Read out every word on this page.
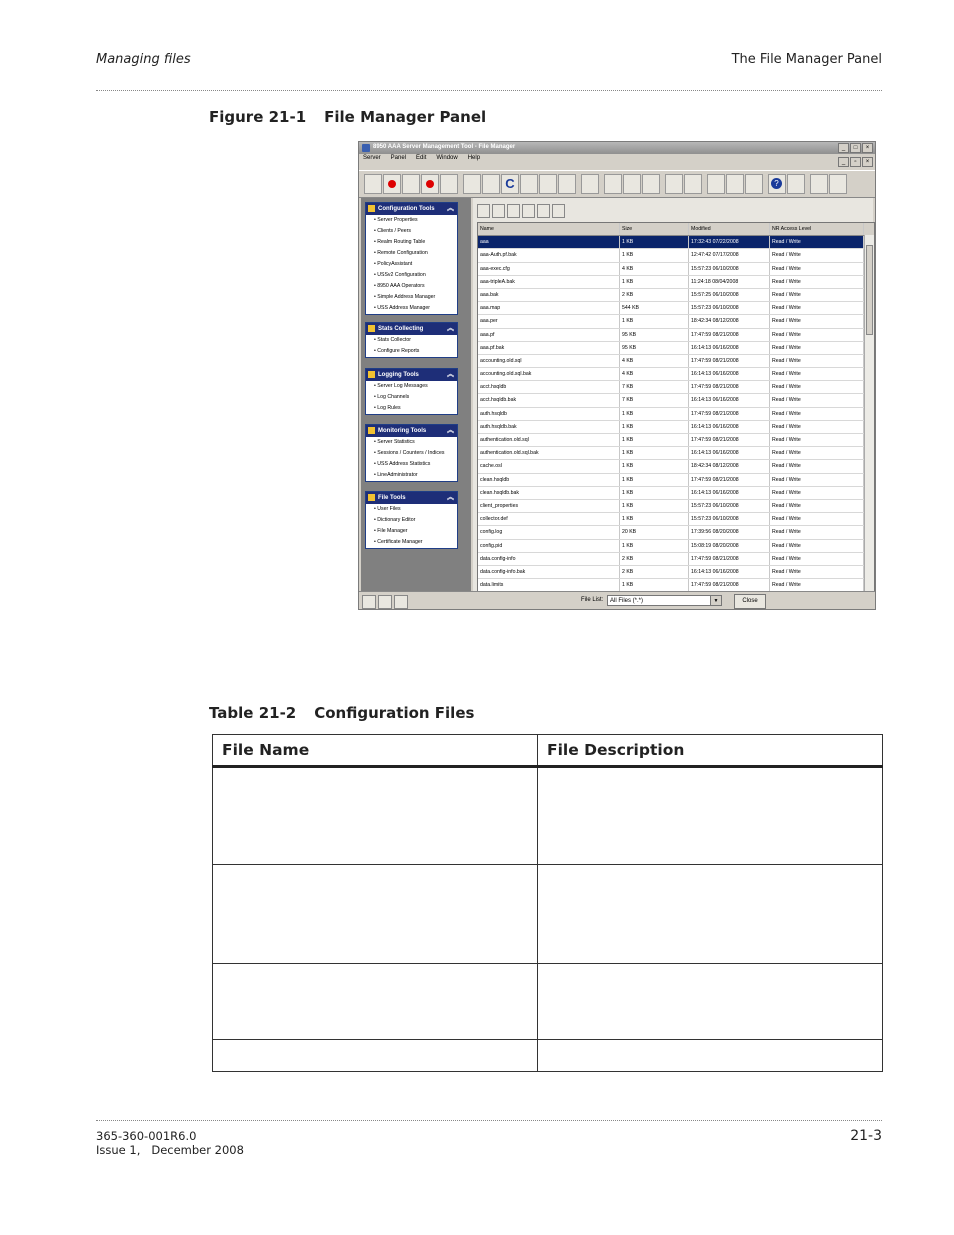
Managing files	The File Manager Panel
Figure 21-1 File Manager Panel
8950 AAA Server Management Tool - File Manager	_	□	×
Server Panel Edit Window Help
_	▫	×
C	?
Configuration Tools ︽
• Server Properties
• Clients / Peers
• Realm Routing Table
• Remote Configuration
• PolicyAssistant
• USSv2 Configuration
• 8950 AAA Operators
• Simple Address Manager
• USS Address Manager
Stats Collecting	︽
• Stats Collector
• Configure Reports
Logging Tools	︽
• Server Log Messages
• Log Channels
• Log Rules
Monitoring Tools	︽
• Server Statistics
• Sessions / Counters / Indices
• USS Address Statistics
• LineAdministrator
File Tools	︽
• User Files
• Dictionary Editor
• File Manager
• Certificate Manager
Name	Size	Modified	NR Access Level
aaa	1 KB	17:32:43 07/22/2008	Read / Write
aaa-Auth.pf.bak	1 KB	12:47:42 07/17/2008	Read / Write
aaa-exec.cfg	4 KB	15:57:23 06/10/2008	Read / Write
aaa-tripleA.bak	1 KB	11:24:18 08/04/2008	Read / Write
aaa.bak	2 KB	15:57:25 06/10/2008	Read / Write
aaa.map	544 KB	15:57:23 06/10/2008	Read / Write
aaa.per	1 KB	18:42:34 08/12/2008	Read / Write
aaa.pf	95 KB	17:47:59 08/21/2008	Read / Write
aaa.pf.bak	95 KB	16:14:13 06/16/2008	Read / Write
accounting.old.sql	4 KB	17:47:59 08/21/2008	Read / Write
accounting.old.sql.bak	4 KB	16:14:13 06/16/2008	Read / Write
acct.hsqldb	7 KB	17:47:59 08/21/2008	Read / Write
acct.hsqldb.bak	7 KB	16:14:13 06/16/2008	Read / Write
auth.hsqldb	1 KB	17:47:59 08/21/2008	Read / Write
auth.hsqldb.bak	1 KB	16:14:13 06/16/2008	Read / Write
authentication.old.sql	1 KB	17:47:59 08/21/2008	Read / Write
authentication.old.sql.bak	1 KB	16:14:13 06/16/2008	Read / Write
cache.osl	1 KB	18:42:34 08/12/2008	Read / Write
clean.hsqldb	1 KB	17:47:59 08/21/2008	Read / Write
clean.hsqldb.bak	1 KB	16:14:13 06/16/2008	Read / Write
client_properties	1 KB	15:57:23 06/10/2008	Read / Write
collector.def	1 KB	15:57:23 06/10/2008	Read / Write
config.log	20 KB	17:39:56 08/20/2008	Read / Write
config.pid	1 KB	15:08:19 08/20/2008	Read / Write
data.config-info	2 KB	17:47:59 08/21/2008	Read / Write
data.config-info.bak	2 KB	16:14:13 06/16/2008	Read / Write
data.limits	1 KB	17:47:59 08/21/2008	Read / Write
File List:	All Files (*.*)	▼	Close
Table 21-2 Configuration Files
File Name	File Description

365-360-001R6.0
Issue 1,   December 2008
21-3
